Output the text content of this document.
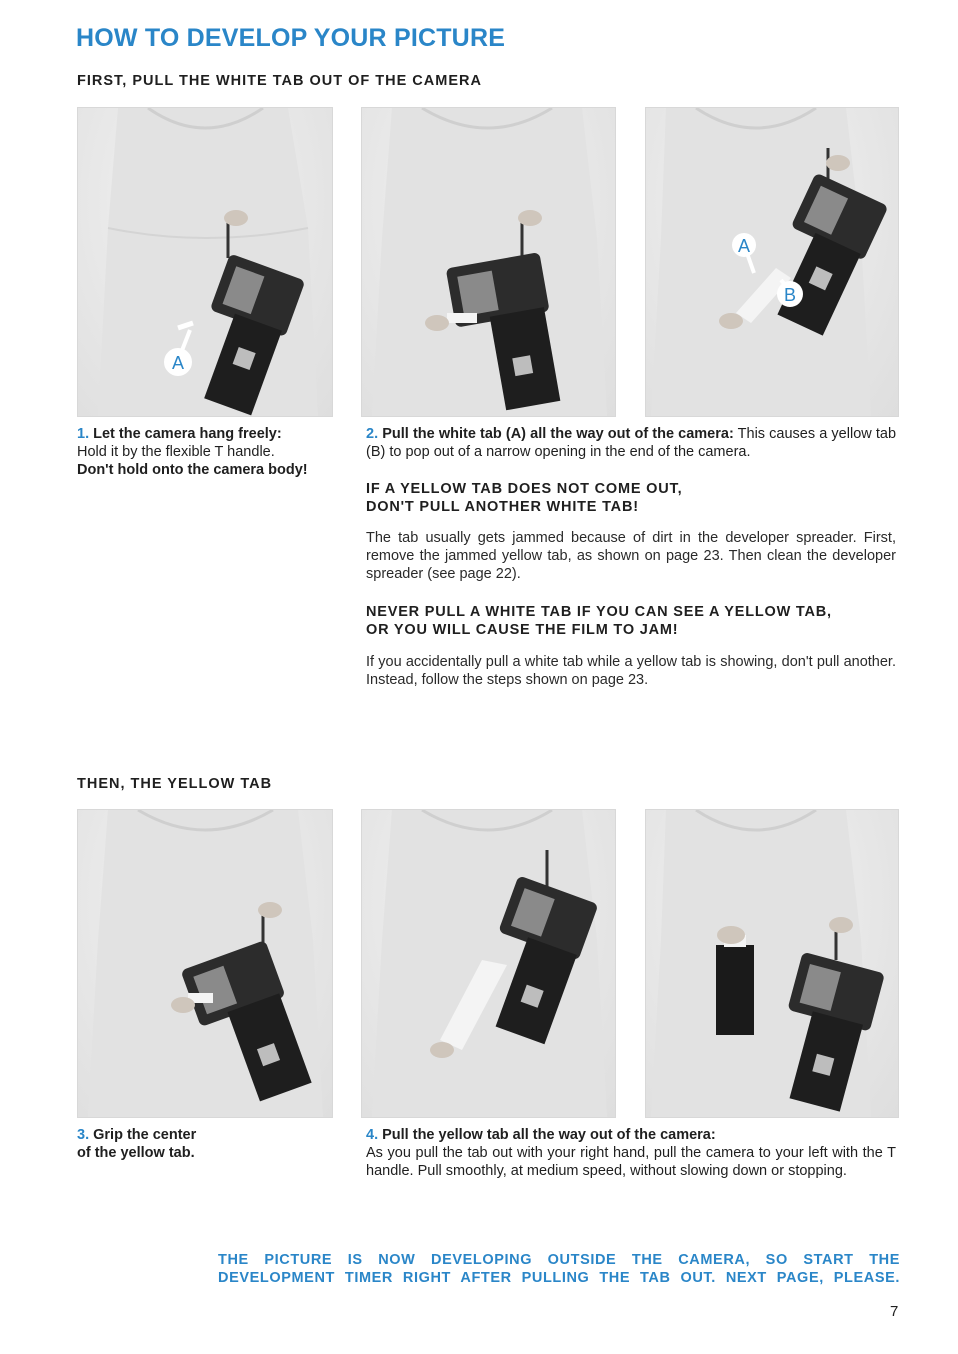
HOW TO DEVELOP YOUR PICTURE
FIRST, PULL THE WHITE TAB OUT OF THE CAMERA
A
A
B
1. Let the camera hang freely:
Hold it by the flexible T handle.
Don't hold onto the camera body!
2. Pull the white tab (A) all the way out of the camera: This causes a yellow tab (B) to pop out of a narrow opening in the end of the camera.
IF A YELLOW TAB DOES NOT COME OUT,
DON'T PULL ANOTHER WHITE TAB!
The tab usually gets jammed because of dirt in the developer spreader. First, remove the jammed yellow tab, as shown on page 23. Then clean the developer spreader (see page 22).
NEVER PULL A WHITE TAB IF YOU CAN SEE A YELLOW TAB,
OR YOU WILL CAUSE THE FILM TO JAM!
If you accidentally pull a white tab while a yellow tab is showing, don't pull another. Instead, follow the steps shown on page 23.
THEN, THE YELLOW TAB
3. Grip the center
of the yellow tab.
4. Pull the yellow tab all the way out of the camera:
As you pull the tab out with your right hand, pull the camera to your left with the T handle. Pull smoothly, at medium speed, without slowing down or stopping.
THE PICTURE IS NOW DEVELOPING OUTSIDE THE CAMERA, SO START THE DEVELOPMENT TIMER RIGHT AFTER PULLING THE TAB OUT. NEXT PAGE, PLEASE.
7
